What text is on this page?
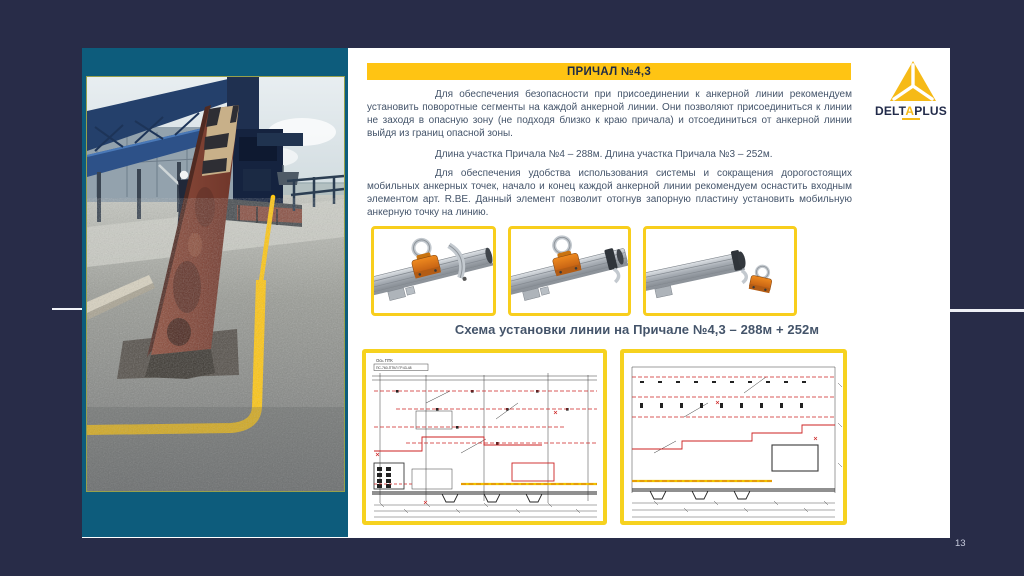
ПРИЧАЛ №4,3
Для обеспечения безопасности при присоединении к анкерной линии рекомендуем установить поворотные сегменты на каждой анкерной линии. Они позволяют присоединиться к линии не заходя в опасную зону (не подходя близко к краю причала) и отсоединиться от анкерной линии выйдя из границ опасной зоны.
Длина участка Причала №4 – 288м. Длина участка Причала №3 – 252м.
Для обеспечения удобства использования системы и сокращения дорогостоящих мобильных анкерных точек, начало и конец каждой анкерной линии рекомендуем оснастить входным элементом арт. R.BE. Данный элемент позволит отогнув запорную пластину установить мобильную анкерную точку на линию.
Схема установки линии на Причале №4,3 – 288м + 252м
Ось ПТК
ПС-760-ПТКЛ ГР.43-48
DELTAPLUS
13
